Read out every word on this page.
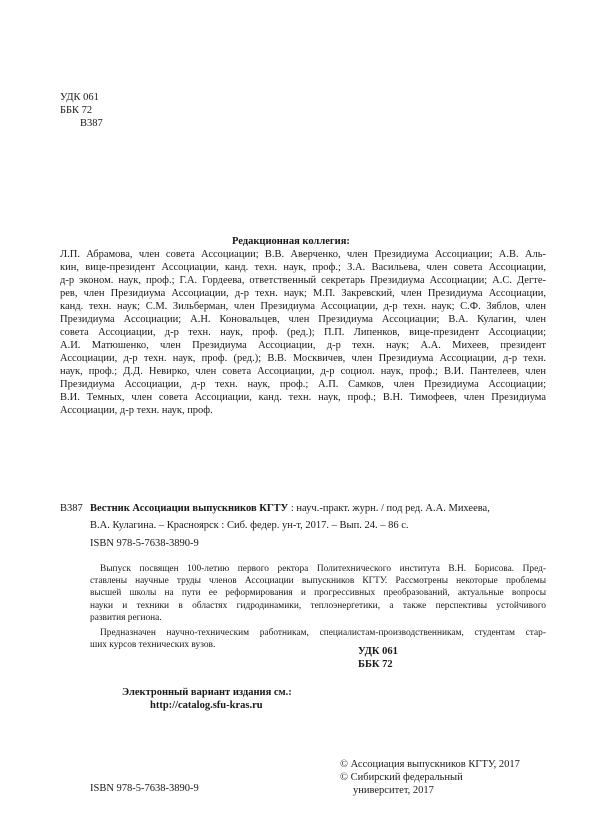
УДК 061
ББК 72
В387
Редакционная коллегия:
Л.П. Абрамова, член совета Ассоциации; В.В. Аверченко, член Президиума Ассоциации; А.В. Аль-
кин, вице-президент Ассоциации, канд. техн. наук, проф.; З.А. Васильева, член совета Ассоциации,
д-р эконом. наук, проф.; Г.А. Гордеева, ответственный секретарь Президиума Ассоциации; А.С. Дегте-
рев, член Президиума Ассоциации, д-р техн. наук; М.П. Закревский, член Президиума Ассоциации,
канд. техн. наук; С.М. Зильберман, член Президиума Ассоциации, д-р техн. наук; С.Ф. Зяблов, член
Президиума Ассоциации; А.Н. Коновальцев, член Президиума Ассоциации; В.А. Кулагин, член
совета Ассоциации, д-р техн. наук, проф. (ред.); П.П. Липенков, вице-президент Ассоциации;
А.И. Матюшенко, член Президиума Ассоциации, д-р техн. наук; А.А. Михеев, президент
Ассоциации, д-р техн. наук, проф. (ред.); В.В. Москвичев, член Президиума Ассоциации, д-р техн.
наук, проф.; Д.Д. Невирко, член совета Ассоциации, д-р социол. наук, проф.; В.И. Пантелеев, член
Президиума Ассоциации, д-р техн. наук, проф.; А.П. Самков, член Президиума Ассоциации;
В.И. Темных, член совета Ассоциации, канд. техн. наук, проф.; В.Н. Тимофеев, член Президиума
Ассоциации, д-р техн. наук, проф.
В387 Вестник Ассоциации выпускников КГТУ : науч.-практ. журн. / под ред. А.А. Михеева,
В.А. Кулагина. – Красноярск : Сиб. федер. ун-т, 2017. – Вып. 24. – 86 с.
ISBN 978-5-7638-3890-9
Выпуск посвящен 100-летию первого ректора Политехнического института В.Н. Борисова. Пред-
ставлены научные труды членов Ассоциации выпускников КГТУ. Рассмотрены некоторые проблемы
высшей школы на пути ее реформирования и прогрессивных преобразований, актуальные вопросы
науки и техники в областях гидродинамики, теплоэнергетики, а также перспективы устойчивого
развития региона.
Предназначен научно-техническим работникам, специалистам-производственникам, студентам стар-
ших курсов технических вузов.
УДК 061
ББК 72
Электронный вариант издания см.:
http://catalog.sfu-kras.ru
ISBN 978-5-7638-3890-9
© Ассоциация выпускников КГТУ, 2017
© Сибирский федеральный
университет, 2017
